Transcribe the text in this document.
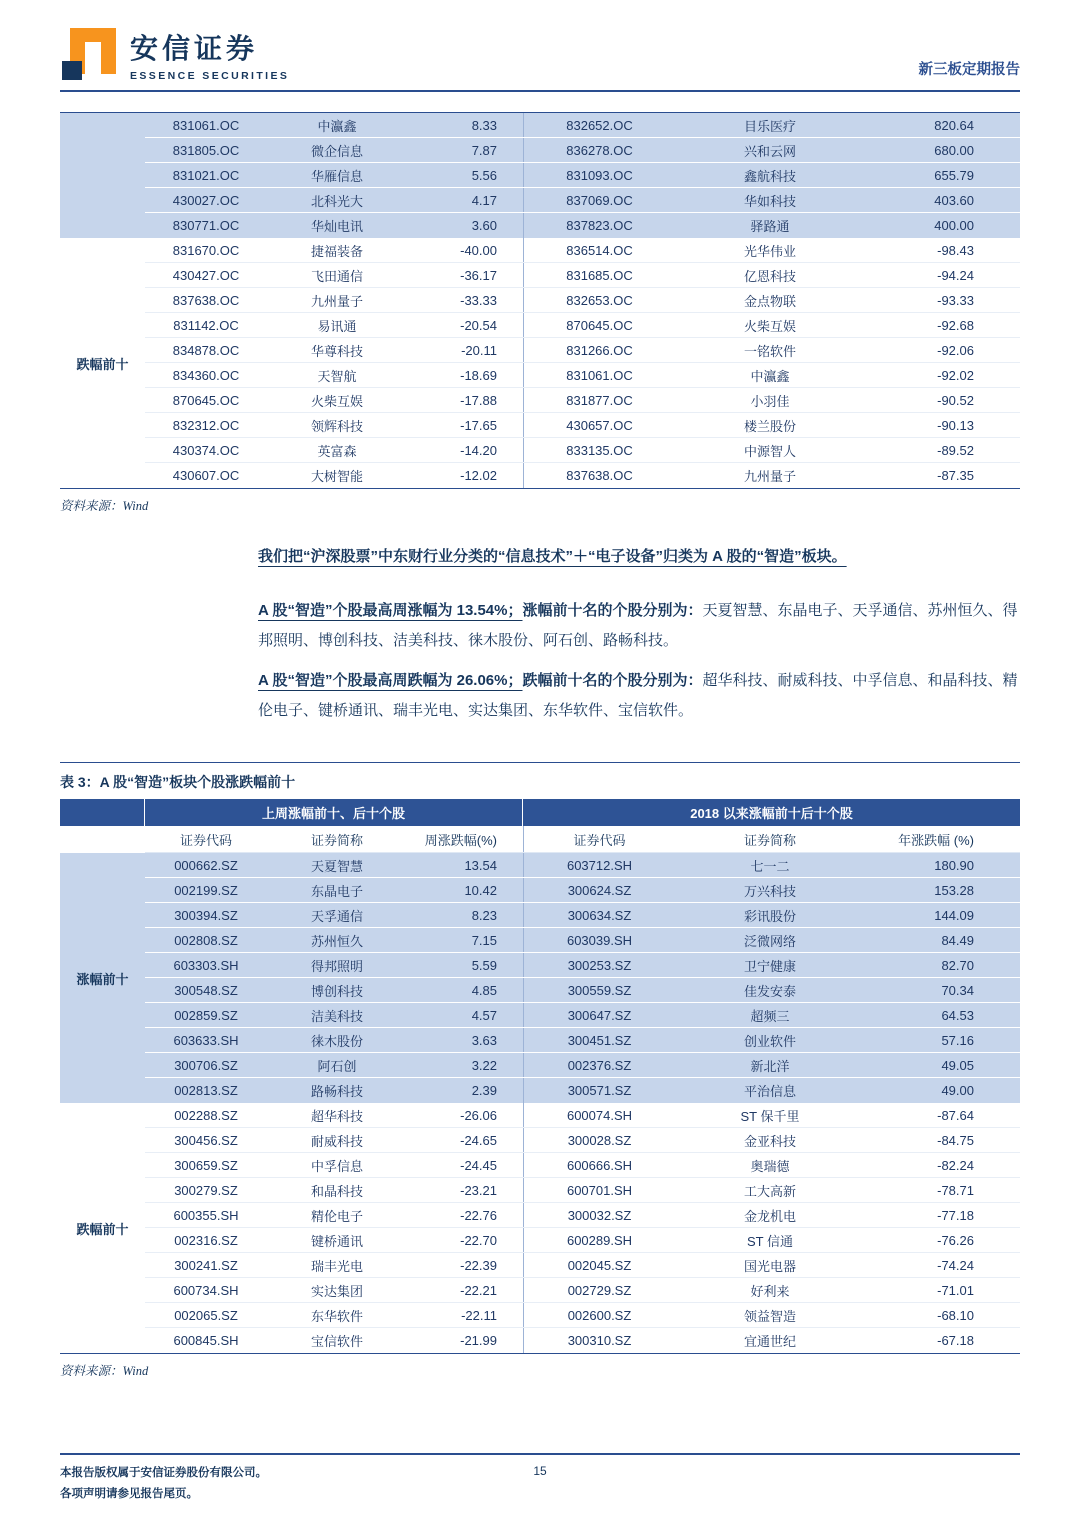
安信证券
ESSENCE SECURITIES	新三板定期报告
831061.OC	中瀛鑫	8.33	832652.OC	目乐医疗	820.64
831805.OC	微企信息	7.87	836278.OC	兴和云网	680.00
831021.OC	华雁信息	5.56	831093.OC	鑫航科技	655.79
430027.OC	北科光大	4.17	837069.OC	华如科技	403.60
830771.OC	华灿电讯	3.60	837823.OC	驿路通	400.00
跌幅前十
831670.OC	捷福装备	-40.00	836514.OC	光华伟业	-98.43
430427.OC	飞田通信	-36.17	831685.OC	亿恩科技	-94.24
837638.OC	九州量子	-33.33	832653.OC	金点物联	-93.33
831142.OC	易讯通	-20.54	870645.OC	火柴互娱	-92.68
834878.OC	华尊科技	-20.11	831266.OC	一铭软件	-92.06
834360.OC	天智航	-18.69	831061.OC	中瀛鑫	-92.02
870645.OC	火柴互娱	-17.88	831877.OC	小羽佳	-90.52
832312.OC	领辉科技	-17.65	430657.OC	楼兰股份	-90.13
430374.OC	英富森	-14.20	833135.OC	中源智人	-89.52
430607.OC	大树智能	-12.02	837638.OC	九州量子	-87.35
资料来源：Wind

我们把“沪深股票”中东财行业分类的“信息技术”＋“电子设备”归类为 A 股的“智造”板块。

A 股“智造”个股最高周涨幅为 13.54%；涨幅前十名的个股分别为：天夏智慧、东晶电子、天孚通信、苏州恒久、得邦照明、博创科技、洁美科技、徕木股份、阿石创、路畅科技。

A 股“智造”个股最高周跌幅为 26.06%；跌幅前十名的个股分别为：超华科技、耐威科技、中孚信息、和晶科技、精伦电子、键桥通讯、瑞丰光电、实达集团、东华软件、宝信软件。

表 3：A 股“智造”板块个股涨跌幅前十
上周涨幅前十、后十个股	2018 以来涨幅前十后十个股
证券代码	证券简称	周涨跌幅(%)	证券代码	证券简称	年涨跌幅 (%)
涨幅前十
000662.SZ	天夏智慧	13.54	603712.SH	七一二	180.90
002199.SZ	东晶电子	10.42	300624.SZ	万兴科技	153.28
300394.SZ	天孚通信	8.23	300634.SZ	彩讯股份	144.09
002808.SZ	苏州恒久	7.15	603039.SH	泛微网络	84.49
603303.SH	得邦照明	5.59	300253.SZ	卫宁健康	82.70
300548.SZ	博创科技	4.85	300559.SZ	佳发安泰	70.34
002859.SZ	洁美科技	4.57	300647.SZ	超频三	64.53
603633.SH	徕木股份	3.63	300451.SZ	创业软件	57.16
300706.SZ	阿石创	3.22	002376.SZ	新北洋	49.05
002813.SZ	路畅科技	2.39	300571.SZ	平治信息	49.00
跌幅前十
002288.SZ	超华科技	-26.06	600074.SH	ST 保千里	-87.64
300456.SZ	耐威科技	-24.65	300028.SZ	金亚科技	-84.75
300659.SZ	中孚信息	-24.45	600666.SH	奥瑞德	-82.24
300279.SZ	和晶科技	-23.21	600701.SH	工大高新	-78.71
600355.SH	精伦电子	-22.76	300032.SZ	金龙机电	-77.18
002316.SZ	键桥通讯	-22.70	600289.SH	ST 信通	-76.26
300241.SZ	瑞丰光电	-22.39	002045.SZ	国光电器	-74.24
600734.SH	实达集团	-22.21	002729.SZ	好利来	-71.01
002065.SZ	东华软件	-22.11	002600.SZ	领益智造	-68.10
600845.SH	宝信软件	-21.99	300310.SZ	宜通世纪	-67.18
资料来源：Wind
本报告版权属于安信证券股份有限公司。
各项声明请参见报告尾页。
15
